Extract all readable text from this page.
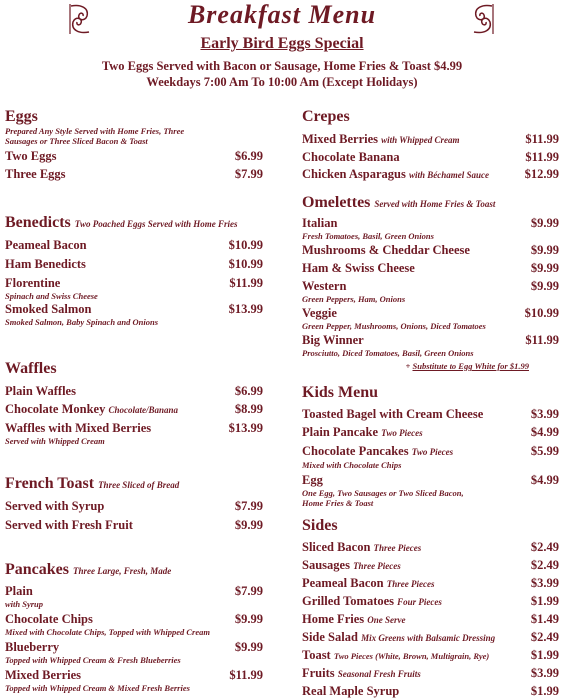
Breakfast Menu
Early Bird Eggs Special
Two Eggs Served with Bacon or Sausage, Home Fries & Toast $4.99
Weekdays 7:00 Am To 10:00 Am (Except Holidays)
Eggs
Prepared Any Style Served with Home Fries, Three Sausages or Three Sliced Bacon & Toast
Two Eggs	$6.99
Three Eggs	$7.99
Benedicts Two Poached Eggs Served with Home Fries
Peameal Bacon	$10.99
Ham Benedicts	$10.99
Florentine	$11.99
Spinach and Swiss Cheese
Smoked Salmon	$13.99
Smoked Salmon, Baby Spinach and Onions
Waffles
Plain Waffles	$6.99
Chocolate Monkey Chocolate/Banana	$8.99
Waffles with Mixed Berries	$13.99
Served with Whipped Cream
French Toast Three Sliced of Bread
Served with Syrup	$7.99
Served with Fresh Fruit	$9.99
Pancakes Three Large, Fresh, Made
Plain	$7.99
with Syrup
Chocolate Chips	$9.99
Mixed with Chocolate Chips, Topped with Whipped Cream
Blueberry	$9.99
Topped with Whipped Cream & Fresh Blueberries
Mixed Berries	$11.99
Topped with Whipped Cream & Mixed Fresh Berries
Crepes
Mixed Berries with Whipped Cream	$11.99
Chocolate Banana	$11.99
Chicken Asparagus with Béchamel Sauce	$12.99
Omelettes Served with Home Fries & Toast
Italian	$9.99
Fresh Tomatoes, Basil, Green Onions
Mushrooms & Cheddar Cheese	$9.99
Ham & Swiss Cheese	$9.99
Western	$9.99
Green Peppers, Ham, Onions
Veggie	$10.99
Green Pepper, Mushrooms, Onions, Diced Tomatoes
Big Winner	$11.99
Prosciutto, Diced Tomatoes, Basil, Green Onions
+ Substitute to Egg White for $1.99
Kids Menu
Toasted Bagel with Cream Cheese	$3.99
Plain Pancake Two Pieces	$4.99
Chocolate Pancakes Two Pieces	$5.99
Mixed with Chocolate Chips
Egg	$4.99
One Egg, Two Sausages or Two Sliced Bacon,
Home Fries & Toast
Sides
Sliced Bacon Three Pieces	$2.49
Sausages Three Pieces	$2.49
Peameal Bacon Three Pieces	$3.99
Grilled Tomatoes Four Pieces	$1.99
Home Fries One Serve	$1.49
Side Salad Mix Greens with Balsamic Dressing	$2.49
Toast Two Pieces (White, Brown, Multigrain, Rye)	$1.99
Fruits Seasonal Fresh Fruits	$3.99
Real Maple Syrup	$1.99
